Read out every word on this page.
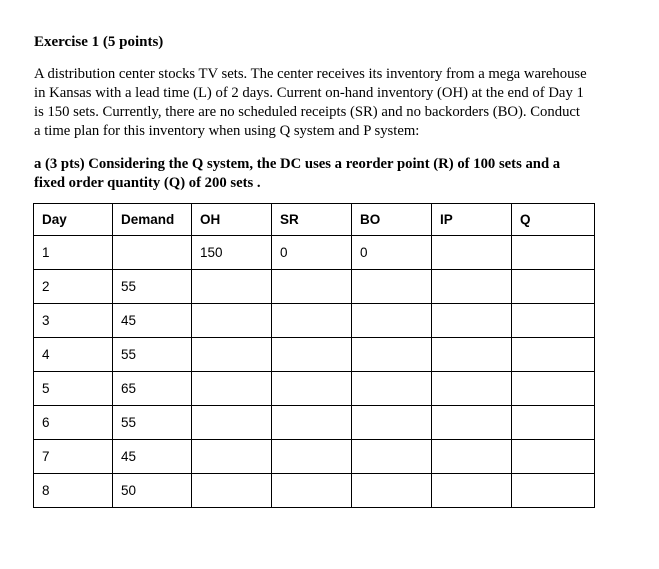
Exercise 1 (5 points)
A distribution center stocks TV sets. The center receives its inventory from a mega warehouse
in Kansas with a lead time (L) of 2 days. Current on-hand inventory (OH) at the end of Day 1
is 150 sets. Currently, there are no scheduled receipts (SR) and no backorders (BO). Conduct
a time plan for this inventory when using Q system and P system:
a (3 pts) Considering the Q system, the DC uses a reorder point (R) of 100 sets and a
fixed order quantity (Q) of 200 sets .
Day	Demand	OH	SR	BO	IP	Q
1		150	0	0		
2	55					
3	45					
4	55					
5	65					
6	55					
7	45					
8	50					
